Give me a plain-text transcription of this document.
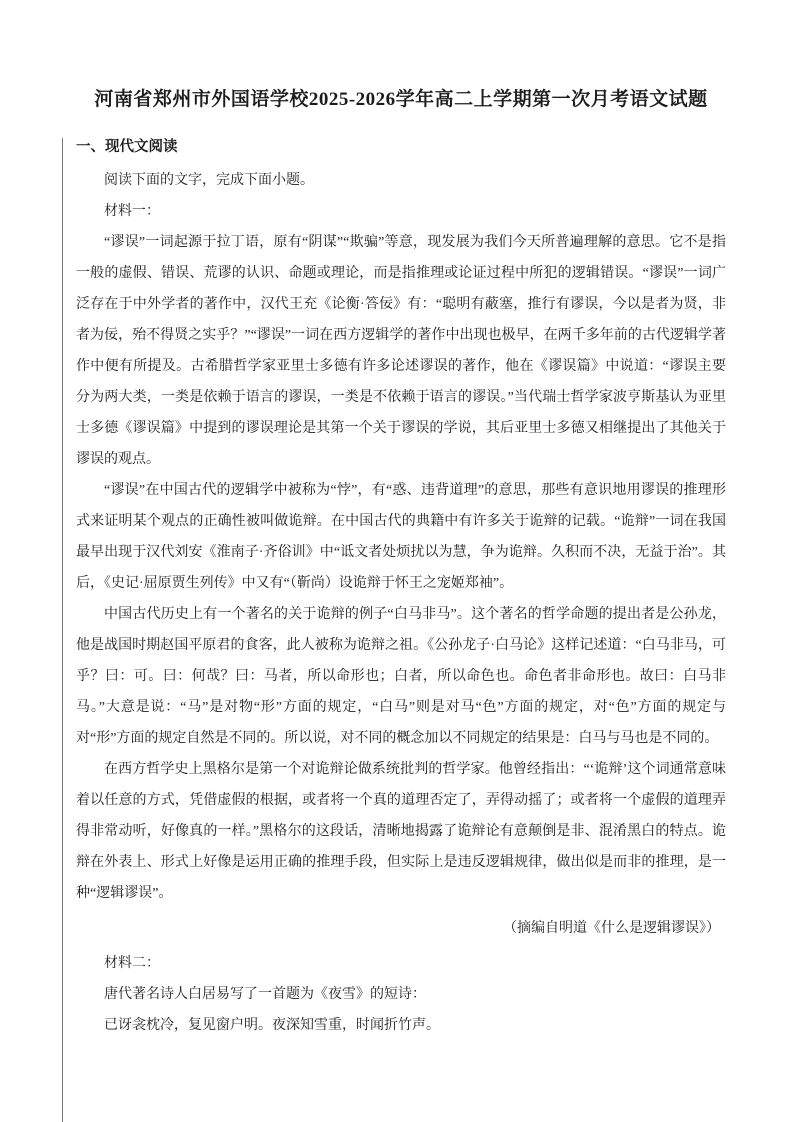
河南省郑州市外国语学校2025-2026学年高二上学期第一次月考语文试题
一、现代文阅读
阅读下面的文字，完成下面小题。
材料一：

“谬误”一词起源于拉丁语，原有“阴谋”“欺骗”等意，现发展为我们今天所普遍理解的意思。它不是指一般的虚假、错误、荒谬的认识、命题或理论，而是指推理或论证过程中所犯的逻辑错误。“谬误”一词广泛存在于中外学者的著作中，汉代王充《论衡·答佞》有：“聪明有蔽塞，推行有谬误，今以是者为贤，非者为佞，殆不得贤之实乎？”“谬误”一词在西方逻辑学的著作中出现也极早，在两千多年前的古代逻辑学著作中便有所提及。古希腊哲学家亚里士多德有许多论述谬误的著作，他在《谬误篇》中说道：“谬误主要分为两大类，一类是依赖于语言的谬误，一类是不依赖于语言的谬误。”当代瑞士哲学家波亨斯基认为亚里士多德《谬误篇》中提到的谬误理论是其第一个关于谬误的学说，其后亚里士多德又相继提出了其他关于谬误的观点。

“谬误”在中国古代的逻辑学中被称为“悖”，有“惑、违背道理”的意思，那些有意识地用谬误的推理形式来证明某个观点的正确性被叫做诡辩。在中国古代的典籍中有许多关于诡辩的记载。“诡辩”一词在我国最早出现于汉代刘安《淮南子·齐俗训》中“诋文者处烦扰以为慧，争为诡辩。久积而不决，无益于治”。其后，《史记·屈原贾生列传》中又有“（靳尚）设诡辩于怀王之宠姬郑袖”。

中国古代历史上有一个著名的关于诡辩的例子“白马非马”。这个著名的哲学命题的提出者是公孙龙，他是战国时期赵国平原君的食客，此人被称为诡辩之祖。《公孙龙子·白马论》这样记述道：“白马非马，可乎？曰：可。曰：何哉？曰：马者，所以命形也；白者，所以命色也。命色者非命形也。故曰：白马非马。”大意是说：“马”是对物“形”方面的规定，“白马”则是对马“色”方面的规定，对“色”方面的规定与对“形”方面的规定自然是不同的。所以说，对不同的概念加以不同规定的结果是：白马与马也是不同的。

在西方哲学史上黑格尔是第一个对诡辩论做系统批判的哲学家。他曾经指出：“‘诡辩’这个词通常意味着以任意的方式，凭借虚假的根据，或者将一个真的道理否定了，弄得动摇了；或者将一个虚假的道理弄得非常动听，好像真的一样。”黑格尔的这段话，清晰地揭露了诡辩论有意颠倒是非、混淆黑白的特点。诡辩在外表上、形式上好像是运用正确的推理手段，但实际上是违反逻辑规律，做出似是而非的推理，是一种“逻辑谬误”。

（摘编自明道《什么是逻辑谬误》）
材料二：
唐代著名诗人白居易写了一首题为《夜雪》的短诗：
已讶衾枕冷，复见窗户明。夜深知雪重，时闻折竹声。
